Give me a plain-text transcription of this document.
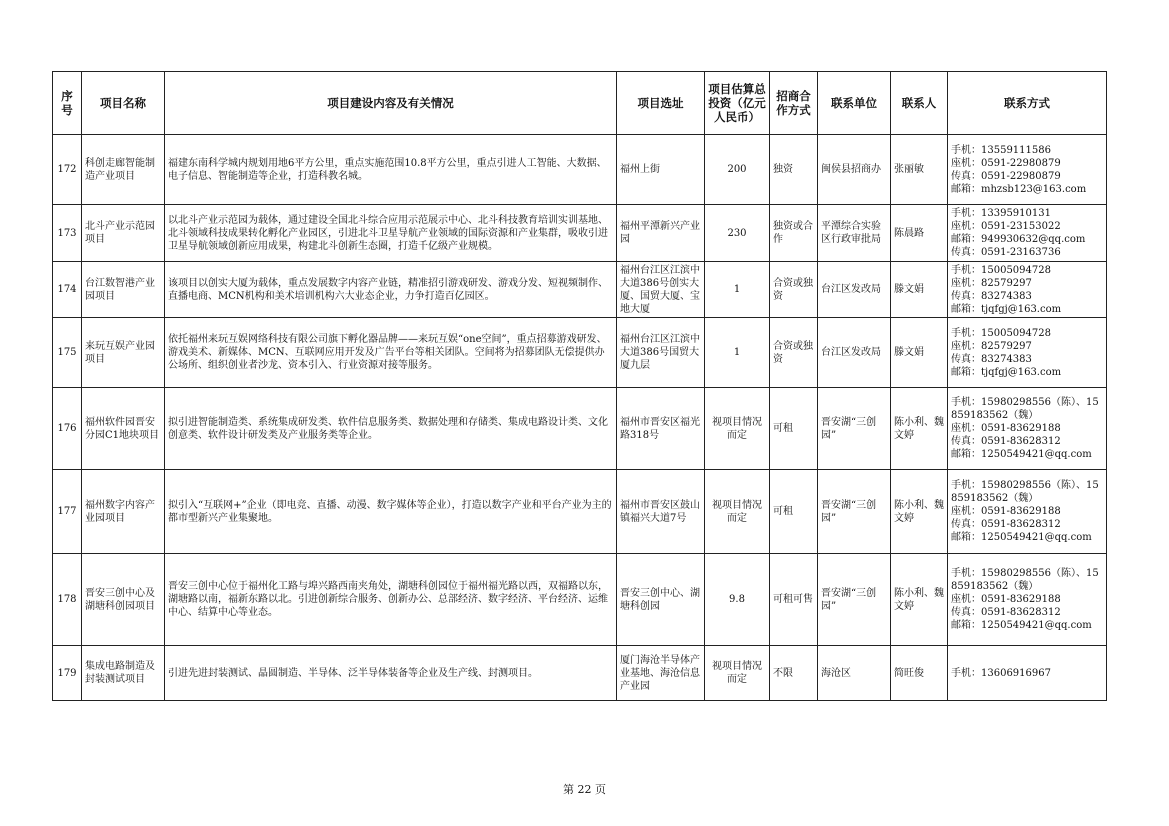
序号	项目名称	项目建设内容及有关情况	项目选址	项目估算总投资（亿元人民币）	招商合作方式	联系单位	联系人	联系方式
172	科创走廊智能制造产业项目	福建东南科学城内规划用地6平方公里，重点实施范围10.8平方公里，重点引进人工智能、大数据、电子信息、智能制造等企业，打造科教名城。	福州上街	200	独资	闽侯县招商办	张丽敏	手机：13559111586
座机：0591-22980879
传真：0591-22980879
邮箱：mhzsb123@163.com

173	北斗产业示范园项目	以北斗产业示范园为载体，通过建设全国北斗综合应用示范展示中心、北斗科技教育培训实训基地、北斗领域科技成果转化孵化产业园区，引进北斗卫星导航产业领域的国际资源和产业集群，吸收引进卫星导航领域创新应用成果，构建北斗创新生态圈，打造千亿级产业规模。	福州平潭新兴产业园	230	独资或合作	平潭综合实验区行政审批局	陈晨路	手机：13395910131
座机：0591-23153022
邮箱：949930632@qq.com
传真：0591-23163736

174	台江数智港产业园项目	该项目以创实大厦为载体，重点发展数字内容产业链，精准招引游戏研发、游戏分发、短视频制作、直播电商、MCN机构和美术培训机构六大业态企业，力争打造百亿园区。	福州台江区江滨中大道386号创实大厦、国贸大厦、宝地大厦	1	合资或独资	台江区发改局	滕文娟	手机：15005094728
座机：82579297
传真：83274383
邮箱：tjqfgj@163.com

175	来玩互娱产业园项目	依托福州来玩互娱网络科技有限公司旗下孵化器品牌——来玩互娱“one空间”，重点招募游戏研发、游戏美术、新媒体、MCN、互联网应用开发及广告平台等相关团队。空间将为招募团队无偿提供办公场所、组织创业者沙龙、资本引入、行业资源对接等服务。	福州台江区江滨中大道386号国贸大厦九层	1	合资或独资	台江区发改局	滕文娟	手机：15005094728
座机：82579297
传真：83274383
邮箱：tjqfgj@163.com

176	福州软件园晋安分园C1地块项目	拟引进智能制造类、系统集成研发类、软件信息服务类、数据处理和存储类、集成电路设计类、文化创意类、软件设计研发类及产业服务类等企业。	福州市晋安区福光路318号	视项目情况而定	可租	晋安湖“三创园”	陈小利、魏文婷	手机：15980298556（陈）、15859183562（魏）
座机：0591-83629188
传真：0591-83628312
邮箱：1250549421@qq.com

177	福州数字内容产业园项目	拟引入“互联网+”企业（即电竞、直播、动漫、数字媒体等企业），打造以数字产业和平台产业为主的都市型新兴产业集聚地。	福州市晋安区鼓山镇福兴大道7号	视项目情况而定	可租	晋安湖“三创园”	陈小利、魏文婷	手机：15980298556（陈）、15859183562（魏）
座机：0591-83629188
传真：0591-83628312
邮箱：1250549421@qq.com

178	晋安三创中心及湖塘科创园项目	晋安三创中心位于福州化工路与埠兴路西南夹角处，湖塘科创园位于福州福光路以西，双福路以东，湖塘路以南，福新东路以北。引进创新综合服务、创新办公、总部经济、数字经济、平台经济、运维中心、结算中心等业态。	晋安三创中心、湖塘科创园	9.8	可租可售	晋安湖“三创园”	陈小利、魏文婷	手机：15980298556（陈）、15859183562（魏）
座机：0591-83629188
传真：0591-83628312
邮箱：1250549421@qq.com

179	集成电路制造及封装测试项目	引进先进封装测试、晶圆制造、半导体、泛半导体装备等企业及生产线、封测项目。	厦门海沧半导体产业基地、海沧信息产业园	视项目情况而定	不限	海沧区	简旺俊	手机：13606916967
第 22 页
